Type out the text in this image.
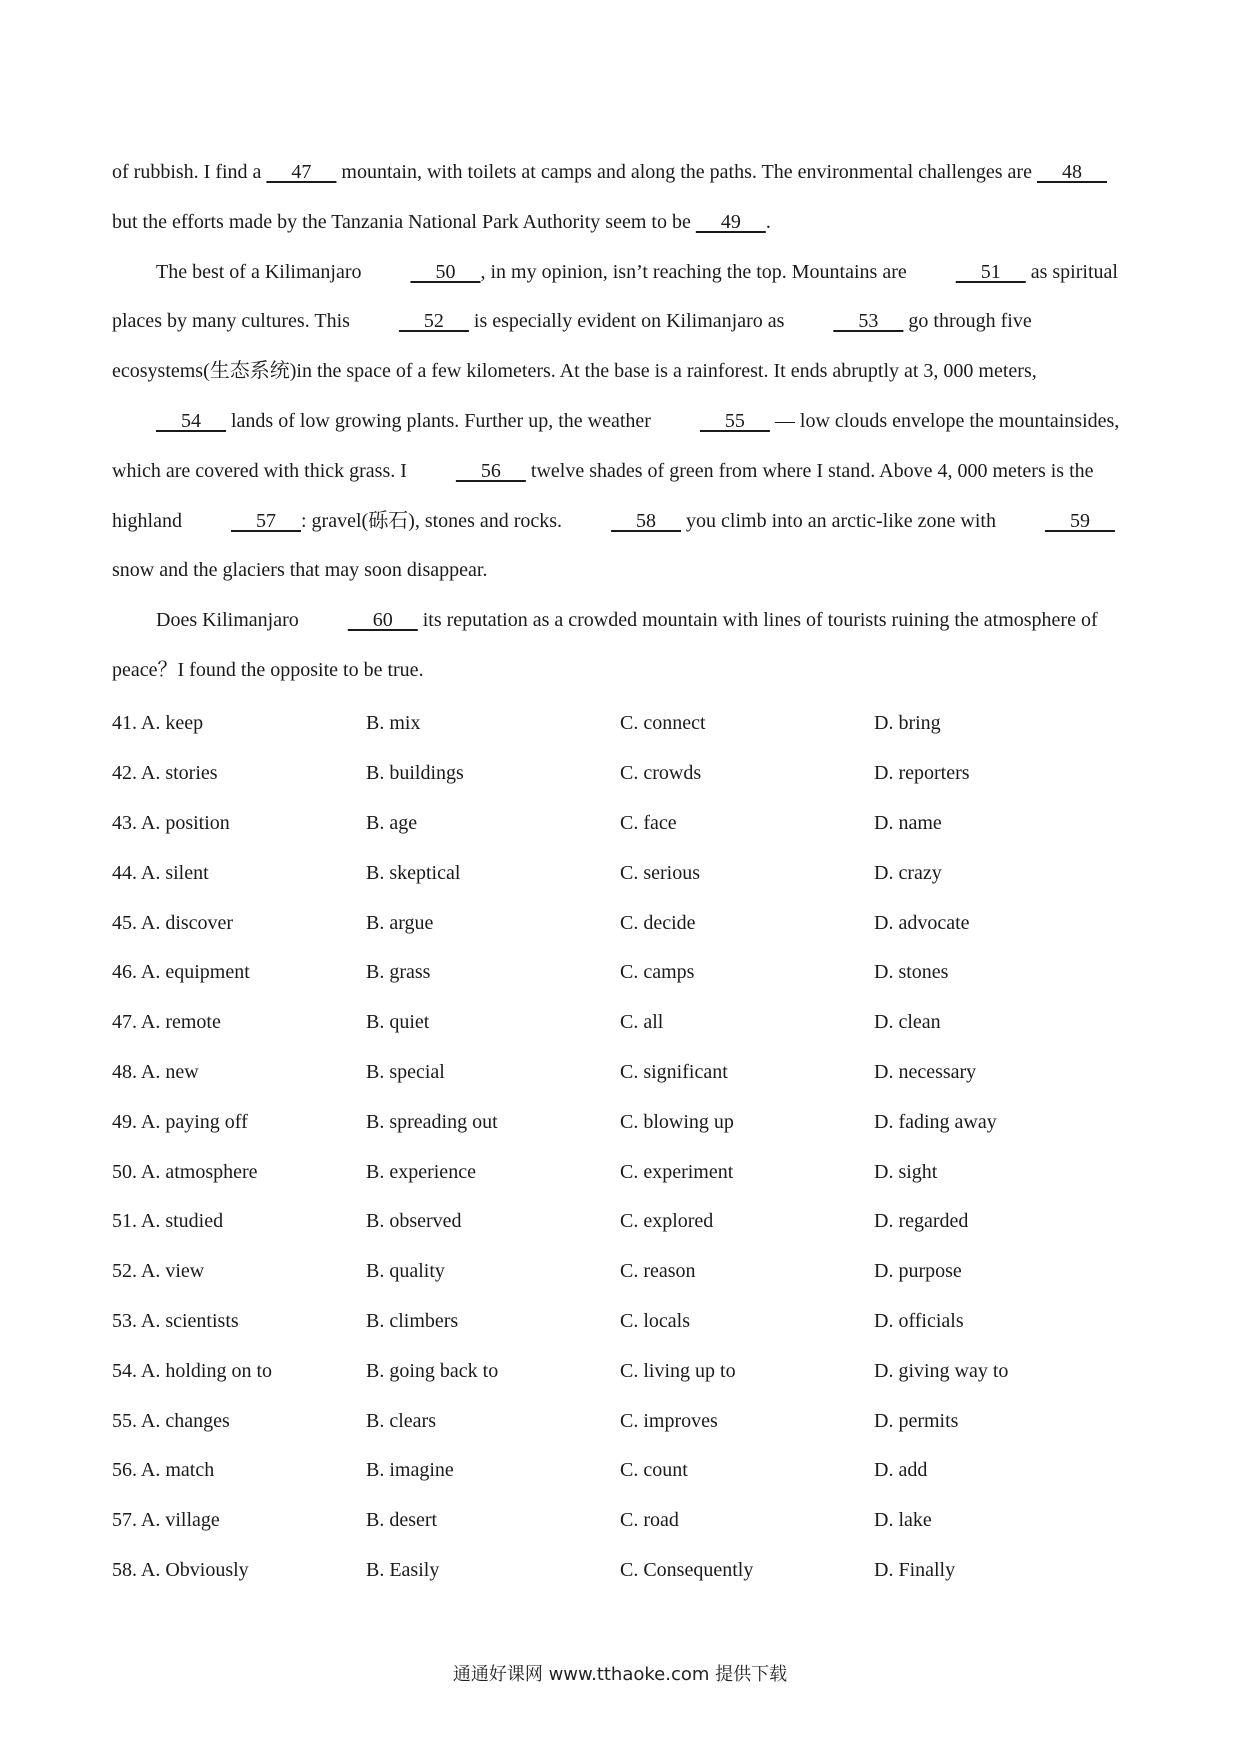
of rubbish. I find a      47      mountain, with toilets at camps and along the paths. The environmental challenges are      48      but the efforts made by the Tanzania National Park Authority seem to be      49     .

The best of a Kilimanjaro      50     , in my opinion, isn’t reaching the top. Mountains are      51      as spiritual places by many cultures. This      52      is especially evident on Kilimanjaro as      53      go through five ecosystems(生态系统)in the space of a few kilometers. At the base is a rainforest. It ends abruptly at 3, 000 meters,      54      lands of low growing plants. Further up, the weather      55      — low clouds envelope the mountainsides, which are covered with thick grass. I      56      twelve shades of green from where I stand. Above 4, 000 meters is the highland      57     : gravel(砾石), stones and rocks.      58      you climb into an arctic-like zone with      59      snow and the glaciers that may soon disappear.

Does Kilimanjaro      60      its reputation as a crowded mountain with lines of tourists ruining the atmosphere of peace？I found the opposite to be true.

41. A. keep	B. mix	C. connect	D. bring
42. A. stories	B. buildings	C. crowds	D. reporters
43. A. position	B. age	C. face	D. name
44. A. silent	B. skeptical	C. serious	D. crazy
45. A. discover	B. argue	C. decide	D. advocate
46. A. equipment	B. grass	C. camps	D. stones
47. A. remote	B. quiet	C. all	D. clean
48. A. new	B. special	C. significant	D. necessary
49. A. paying off	B. spreading out	C. blowing up	D. fading away
50. A. atmosphere	B. experience	C. experiment	D. sight
51. A. studied	B. observed	C. explored	D. regarded
52. A. view	B. quality	C. reason	D. purpose
53. A. scientists	B. climbers	C. locals	D. officials
54. A. holding on to	B. going back to	C. living up to	D. giving way to
55. A. changes	B. clears	C. improves	D. permits
56. A. match	B. imagine	C. count	D. add
57. A. village	B. desert	C. road	D. lake
58. A. Obviously	B. Easily	C. Consequently	D. Finally
通通好课网 www.tthaoke.com 提供下载
